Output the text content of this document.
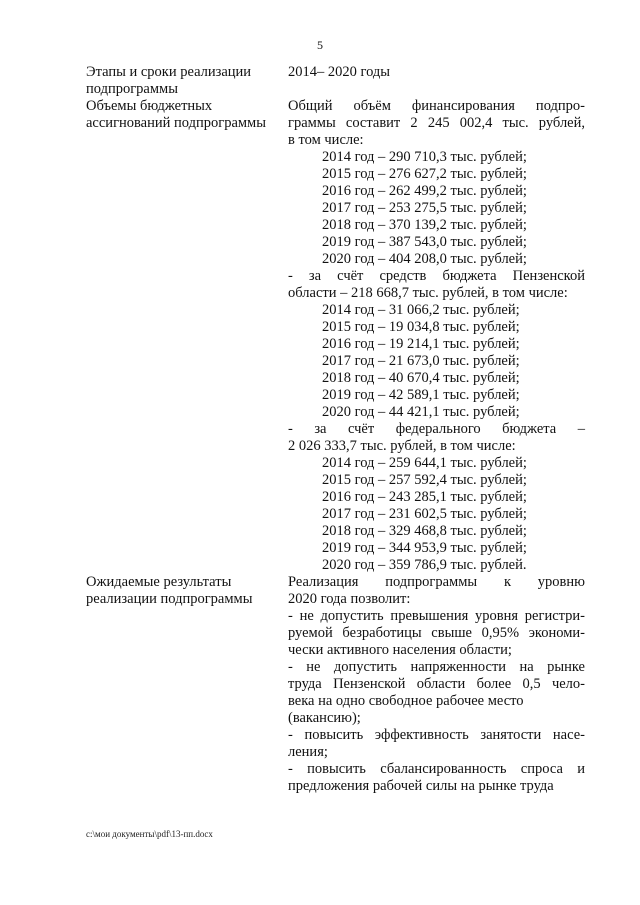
5
Этапы и сроки реализации подпрограммы
2014– 2020 годы
Объемы бюджетных ассигнований подпрограммы
Общий объём финансирования подпро-
граммы составит 2 245 002,4 тыс. рублей,
в том числе:
2014 год – 290 710,3 тыс. рублей;
2015 год – 276 627,2 тыс. рублей;
2016 год – 262 499,2 тыс. рублей;
2017 год – 253 275,5 тыс. рублей;
2018 год – 370 139,2 тыс. рублей;
2019 год – 387 543,0 тыс. рублей;
2020 год – 404 208,0 тыс. рублей;
- за счёт средств бюджета Пензенской
области – 218 668,7 тыс. рублей, в том числе:
2014 год – 31 066,2 тыс. рублей;
2015 год – 19 034,8 тыс. рублей;
2016 год – 19 214,1 тыс. рублей;
2017 год – 21 673,0 тыс. рублей;
2018 год – 40 670,4 тыс. рублей;
2019 год – 42 589,1 тыс. рублей;
2020 год – 44 421,1 тыс. рублей;
- за счёт федерального бюджета –
2 026 333,7 тыс. рублей, в том числе:
2014 год – 259 644,1 тыс. рублей;
2015 год – 257 592,4 тыс. рублей;
2016 год – 243 285,1 тыс. рублей;
2017 год – 231 602,5 тыс. рублей;
2018 год – 329 468,8 тыс. рублей;
2019 год – 344 953,9 тыс. рублей;
2020 год – 359 786,9 тыс. рублей.
Ожидаемые результаты реализации подпрограммы
Реализация подпрограммы к уровню
2020 года позволит:
- не допустить превышения уровня регистри-
руемой безработицы свыше 0,95% экономи-
чески активного населения области;
- не допустить напряженности на рынке
труда Пензенской области более 0,5 чело-
века на одно свободное рабочее место
(вакансию);
- повысить эффективность занятости насе-
ления;
- повысить сбалансированность спроса и
предложения рабочей силы на рынке труда
c:\мои документы\pdf\13-пп.docx
